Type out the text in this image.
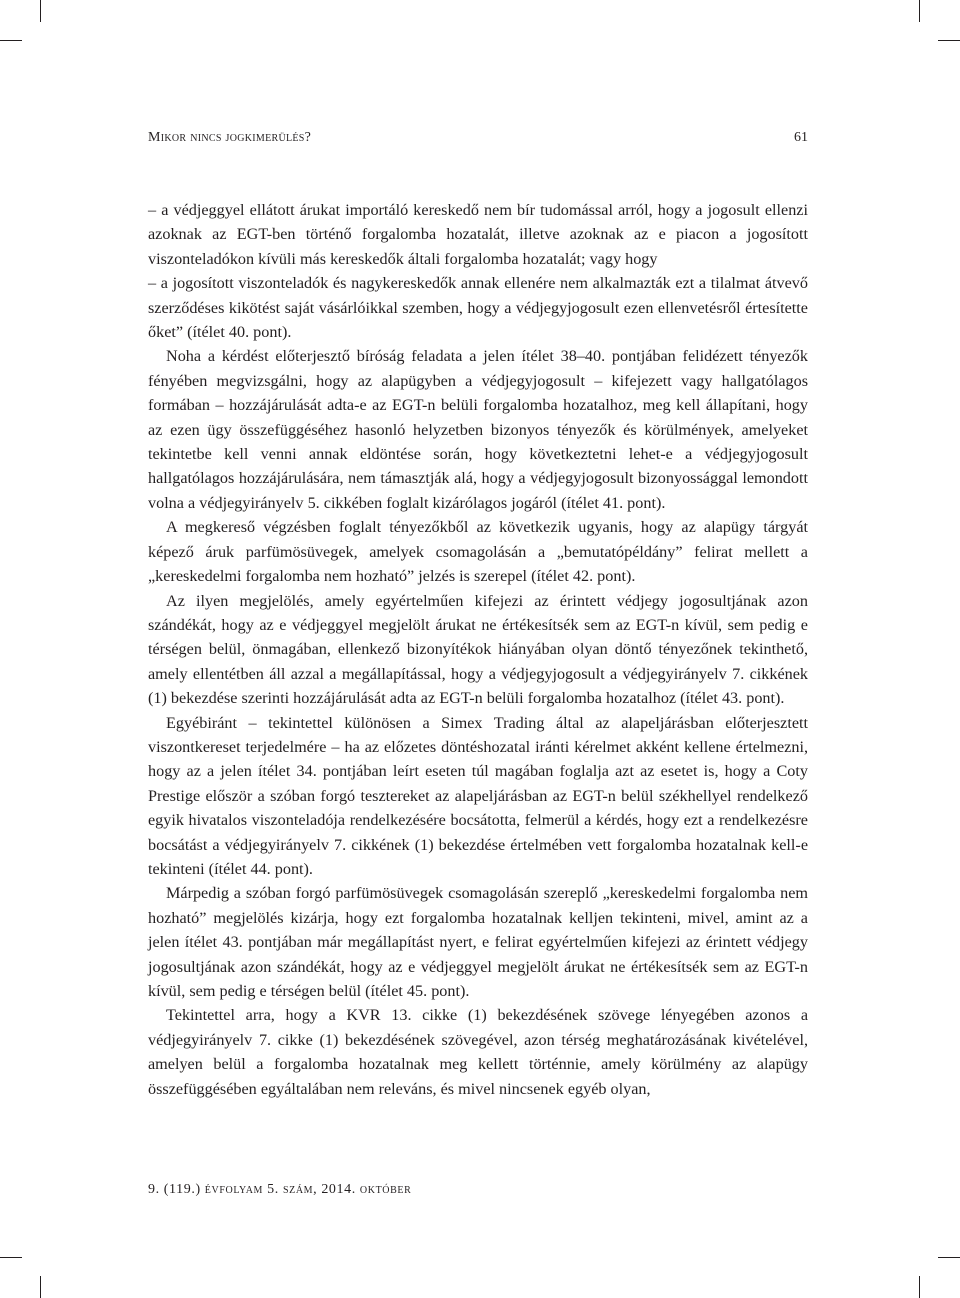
Mikor nincs jogkimerülés?	61

– a védjeggyel ellátott árukat importáló kereskedő nem bír tudomással arról, hogy a jogosult ellenzi azoknak az EGT-ben történő forgalomba hozatalát, illetve azoknak az e piacon a jogosított viszonteladókon kívüli más kereskedők általi forgalomba hozatalát; vagy hogy

– a jogosított viszonteladók és nagykereskedők annak ellenére nem alkalmazták ezt a tilalmat átvevő szerződéses kikötést saját vásárlóikkal szemben, hogy a védjegyjogosult ezen ellenvetésről értesítette őket” (ítélet 40. pont).

Noha a kérdést előterjesztő bíróság feladata a jelen ítélet 38–40. pontjában felidézett tényezők fényében megvizsgálni, hogy az alapügyben a védjegyjogosult – kifejezett vagy hallgatólagos formában – hozzájárulását adta-e az EGT-n belüli forgalomba hozatalhoz, meg kell állapítani, hogy az ezen ügy összefüggéséhez hasonló helyzetben bizonyos tényezők és körülmények, amelyeket tekintetbe kell venni annak eldöntése során, hogy következtetni lehet-e a védjegyjogosult hallgatólagos hozzájárulására, nem támasztják alá, hogy a védjegyjogosult bizonyossággal lemondott volna a védjegyirányelv 5. cikkében foglalt kizárólagos jogáról (ítélet 41. pont).

A megkereső végzésben foglalt tényezőkből az következik ugyanis, hogy az alapügy tárgyát képező áruk parfümösüvegek, amelyek csomagolásán a „bemutatópéldány” felirat mellett a „kereskedelmi forgalomba nem hozható” jelzés is szerepel (ítélet 42. pont).

Az ilyen megjelölés, amely egyértelműen kifejezi az érintett védjegy jogosultjának azon szándékát, hogy az e védjeggyel megjelölt árukat ne értékesítsék sem az EGT-n kívül, sem pedig e térségen belül, önmagában, ellenkező bizonyítékok hiányában olyan döntő tényezőnek tekinthető, amely ellentétben áll azzal a megállapítással, hogy a védjegyjogosult a védjegyirányelv 7. cikkének (1) bekezdése szerinti hozzájárulását adta az EGT-n belüli forgalomba hozatalhoz (ítélet 43. pont).

Egyébiránt – tekintettel különösen a Simex Trading által az alapeljárásban előterjesztett viszontkereset terjedelmére – ha az előzetes döntéshozatal iránti kérelmet akként kellene értelmezni, hogy az a jelen ítélet 34. pontjában leírt eseten túl magában foglalja azt az esetet is, hogy a Coty Prestige először a szóban forgó tesztereket az alapeljárásban az EGT-n belül székhellyel rendelkező egyik hivatalos viszonteladója rendelkezésére bocsátotta, felmerül a kérdés, hogy ezt a rendelkezésre bocsátást a védjegyirányelv 7. cikkének (1) bekezdése értelmében vett forgalomba hozatalnak kell-e tekinteni (ítélet 44. pont).

Márpedig a szóban forgó parfümösüvegek csomagolásán szereplő „kereskedelmi forgalomba nem hozható” megjelölés kizárja, hogy ezt forgalomba hozatalnak kelljen tekinteni, mivel, amint az a jelen ítélet 43. pontjában már megállapítást nyert, e felirat egyértelműen kifejezi az érintett védjegy jogosultjának azon szándékát, hogy az e védjeggyel megjelölt árukat ne értékesítsék sem az EGT-n kívül, sem pedig e térségen belül (ítélet 45. pont).

Tekintettel arra, hogy a KVR 13. cikke (1) bekezdésének szövege lényegében azonos a védjegyirányelv 7. cikke (1) bekezdésének szövegével, azon térség meghatározásának kivételével, amelyen belül a forgalomba hozatalnak meg kellett történnie, amely körülmény az alapügy összefüggésében egyáltalában nem releváns, és mivel nincsenek egyéb olyan,

9. (119.) évfolyam 5. szám, 2014. október
